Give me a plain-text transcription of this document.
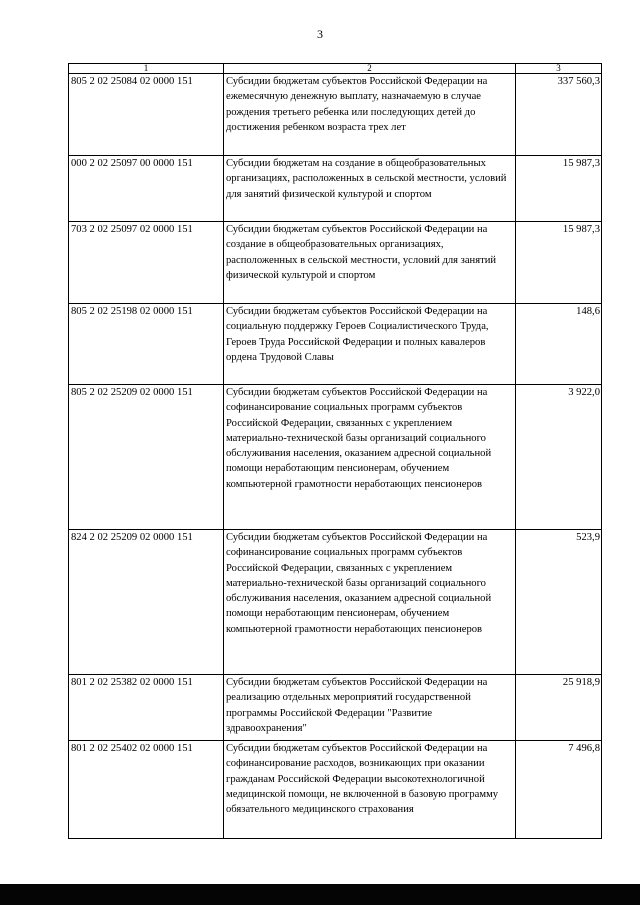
3
1	2	3
805 2 02 25084 02 0000 151	Субсидии бюджетам субъектов Российской Федерации на ежемесячную денежную выплату, назначаемую в случае рождения третьего ребенка или последующих детей до достижения ребенком возраста трех лет	337 560,3
000 2 02 25097 00 0000 151	Субсидии бюджетам на создание в общеобразовательных организациях, расположенных в сельской местности, условий для занятий физической культурой и спортом	15 987,3
703 2 02 25097 02 0000 151	Субсидии бюджетам субъектов Российской Федерации на создание в общеобразовательных организациях, расположенных в сельской местности, условий для занятий физической культурой и спортом	15 987,3
805 2 02 25198 02 0000 151	Субсидии бюджетам субъектов Российской Федерации на социальную поддержку Героев Социалистического Труда, Героев Труда Российской Федерации и полных кавалеров ордена Трудовой Славы	148,6
805 2 02 25209 02 0000 151	Субсидии бюджетам субъектов Российской Федерации на софинансирование социальных программ субъектов Российской Федерации, связанных с укреплением материально-технической базы организаций социального обслуживания населения, оказанием адресной социальной помощи неработающим пенсионерам, обучением компьютерной грамотности неработающих пенсионеров	3 922,0
824 2 02 25209 02 0000 151	Субсидии бюджетам субъектов Российской Федерации на софинансирование социальных программ субъектов Российской Федерации, связанных с укреплением материально-технической базы организаций социального обслуживания населения, оказанием адресной социальной помощи неработающим пенсионерам, обучением компьютерной грамотности неработающих пенсионеров	523,9
801 2 02 25382 02 0000 151	Субсидии бюджетам субъектов Российской Федерации на реализацию отдельных мероприятий государственной программы Российской Федерации "Развитие здравоохранения"	25 918,9
801 2 02 25402 02 0000 151	Субсидии бюджетам субъектов Российской Федерации на софинансирование расходов, возникающих при оказании гражданам Российской Федерации высокотехнологичной медицинской помощи, не включенной в базовую программу обязательного медицинского страхования	7 496,8
